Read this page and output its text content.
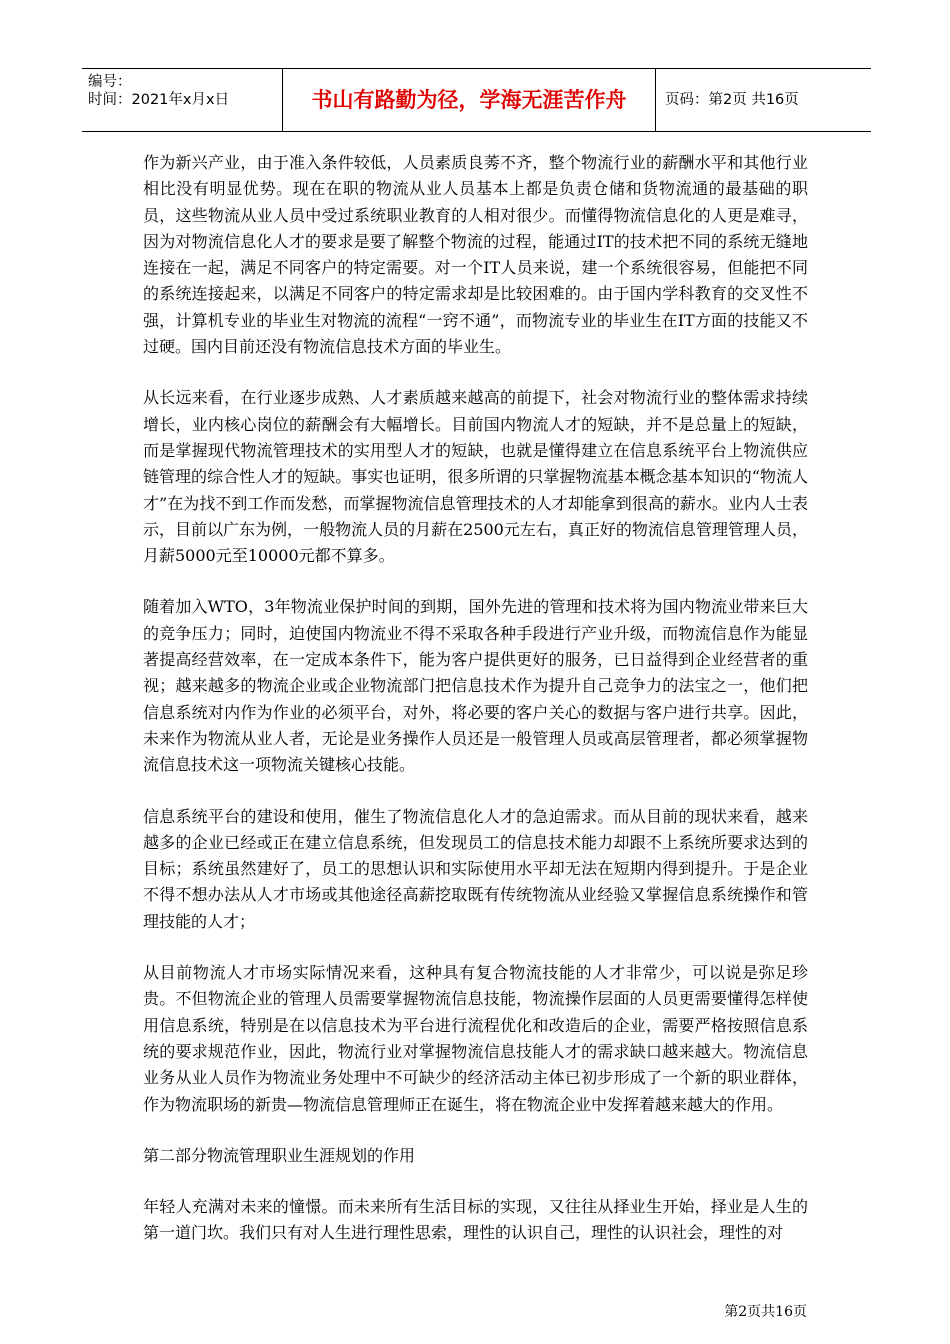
编号：
时间：2021年x月x日	书山有路勤为径，学海无涯苦作舟	页码：第2页 共16页

作为新兴产业，由于准入条件较低，人员素质良莠不齐，整个物流行业的薪酬水平和其他行业相比没有明显优势。现在在职的物流从业人员基本上都是负责仓储和货物流通的最基础的职员，这些物流从业人员中受过系统职业教育的人相对很少。而懂得物流信息化的人更是难寻，因为对物流信息化人才的要求是要了解整个物流的过程，能通过IT的技术把不同的系统无缝地连接在一起，满足不同客户的特定需要。对一个IT人员来说，建一个系统很容易，但能把不同的系统连接起来，以满足不同客户的特定需求却是比较困难的。由于国内学科教育的交叉性不强，计算机专业的毕业生对物流的流程“一窍不通”，而物流专业的毕业生在IT方面的技能又不过硬。国内目前还没有物流信息技术方面的毕业生。

从长远来看，在行业逐步成熟、人才素质越来越高的前提下，社会对物流行业的整体需求持续增长，业内核心岗位的薪酬会有大幅增长。目前国内物流人才的短缺，并不是总量上的短缺，而是掌握现代物流管理技术的实用型人才的短缺，也就是懂得建立在信息系统平台上物流供应链管理的综合性人才的短缺。事实也证明，很多所谓的只掌握物流基本概念基本知识的“物流人才”在为找不到工作而发愁，而掌握物流信息管理技术的人才却能拿到很高的薪水。业内人士表示，目前以广东为例，一般物流人员的月薪在2500元左右，真正好的物流信息管理管理人员，月薪5000元至10000元都不算多。

随着加入WTO，3年物流业保护时间的到期，国外先进的管理和技术将为国内物流业带来巨大的竞争压力；同时，迫使国内物流业不得不采取各种手段进行产业升级，而物流信息作为能显著提高经营效率，在一定成本条件下，能为客户提供更好的服务，已日益得到企业经营者的重视；越来越多的物流企业或企业物流部门把信息技术作为提升自己竞争力的法宝之一，他们把信息系统对内作为作业的必须平台，对外，将必要的客户关心的数据与客户进行共享。因此，未来作为物流从业人者，无论是业务操作人员还是一般管理人员或高层管理者，都必须掌握物流信息技术这一项物流关键核心技能。

信息系统平台的建设和使用，催生了物流信息化人才的急迫需求。而从目前的现状来看，越来越多的企业已经或正在建立信息系统，但发现员工的信息技术能力却跟不上系统所要求达到的目标；系统虽然建好了，员工的思想认识和实际使用水平却无法在短期内得到提升。于是企业不得不想办法从人才市场或其他途径高薪挖取既有传统物流从业经验又掌握信息系统操作和管理技能的人才；

从目前物流人才市场实际情况来看，这种具有复合物流技能的人才非常少，可以说是弥足珍贵。不但物流企业的管理人员需要掌握物流信息技能，物流操作层面的人员更需要懂得怎样使用信息系统，特别是在以信息技术为平台进行流程优化和改造后的企业，需要严格按照信息系统的要求规范作业，因此，物流行业对掌握物流信息技能人才的需求缺口越来越大。物流信息业务从业人员作为物流业务处理中不可缺少的经济活动主体已初步形成了一个新的职业群体，作为物流职场的新贵—物流信息管理师正在诞生，将在物流企业中发挥着越来越大的作用。

第二部分物流管理职业生涯规划的作用

年轻人充满对未来的憧憬。而未来所有生活目标的实现，又往往从择业生开始，择业是人生的第一道门坎。我们只有对人生进行理性思索，理性的认识自己，理性的认识社会，理性的对

第2页共16页
